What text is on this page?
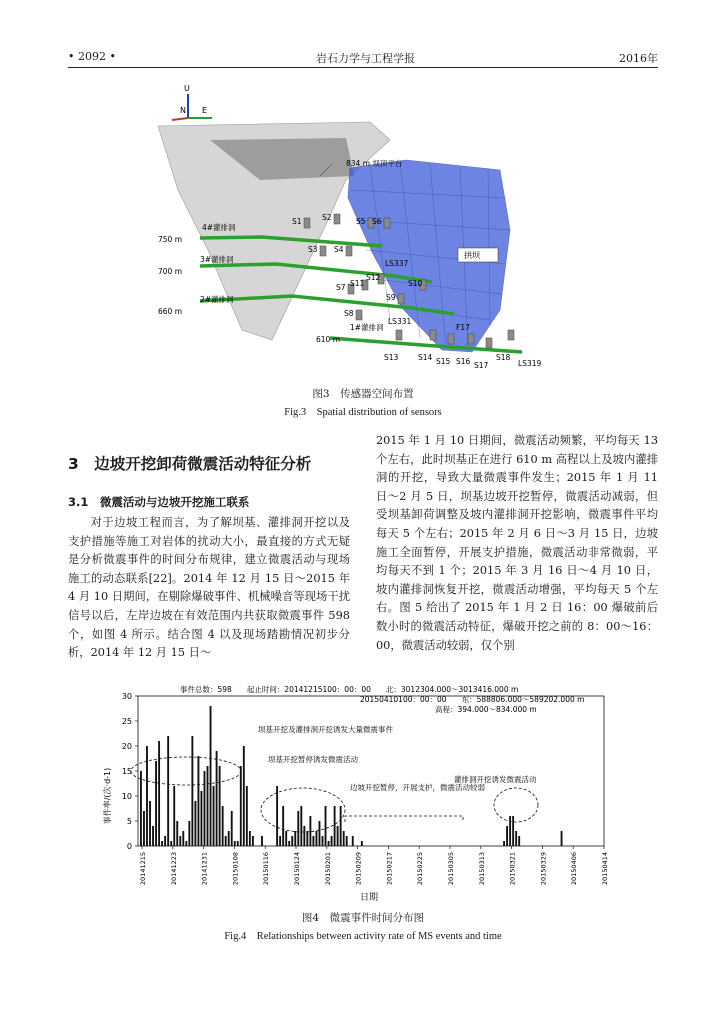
• 2092 •	岩石力学与工程学报	2016年
U
N E
834 m 坝顶平台
拱坝
750 m
700 m
660 m
610 m
4#灌排洞
3#灌排洞
2#灌排洞
1#灌排洞
S1	S2
S3 S4
S5 S6
S7
S8
S9
S10
S11
S12
S13	S14 S15 S16 S17
S18
LS337
LS331
F17
LS319
图3　传感器空间布置
Fig.3　Spatial distribution of sensors
3　边坡开挖卸荷微震活动特征分析
3.1　微震活动与边坡开挖施工联系

对于边坡工程而言，为了解坝基、灌排洞开挖以及支护措施等施工对岩体的扰动大小，最直接的方式无疑是分析微震事件的时间分布规律，建立微震活动与现场施工的动态联系[22]。2014 年 12 月 15 日～2015 年 4 月 10 日期间，在剔除爆破事件、机械噪音等现场干扰信号以后，左岸边坡在有效范围内共获取微震事件 598 个，如图 4 所示。结合图 4 以及现场踏勘情况初步分析，2014 年 12 月 15 日～

2015 年 1 月 10 日期间，微震活动频繁，平均每天 13 个左右，此时坝基正在进行 610 m 高程以上及坡内灌排洞的开挖，导致大量微震事件发生；2015 年 1 月 11 日～2 月 5 日，坝基边坡开挖暂停，微震活动减弱，但受坝基卸荷调整及坡内灌排洞开挖影响，微震事件平均每天 5 个左右；2015 年 2 月 6 日～3 月 15 日，边坡施工全面暂停，开展支护措施，微震活动非常微弱，平均每天不到 1 个；2015 年 3 月 16 日～4 月 10 日，坡内灌排洞恢复开挖，微震活动增强，平均每天 5 个左右。图 5 给出了 2015 年 1 月 2 日 16：00 爆破前后数小时的微震活动特征，爆破开挖之前的 8：00～16：00，微震活动较弱，仅个别

事件总数：598　　起止时间：20141215100：00：00　　北：3012304.000～3013416.000 m
20150410100：00：00　　东：588806.000～589202.000 m
高程：394.000～834.000 m
0
5
10
15
20
25
30
20141215	20141223	20141231	20150108	20150116	20150124	20150201	20150209	20150217	20150225	20150305	20150313	20150321	20150329	20150406	20150414
坝基开挖及灌排洞开挖诱发大量微震事件
坝基开挖暂停诱发微震活动
边坡开挖暂停，开展支护，微震活动较弱
灌排洞开挖诱发微震活动
日期
事件率/(次·d-1)
图4　微震事件时间分布图
Fig.4　Relationships between activity rate of MS events and time
